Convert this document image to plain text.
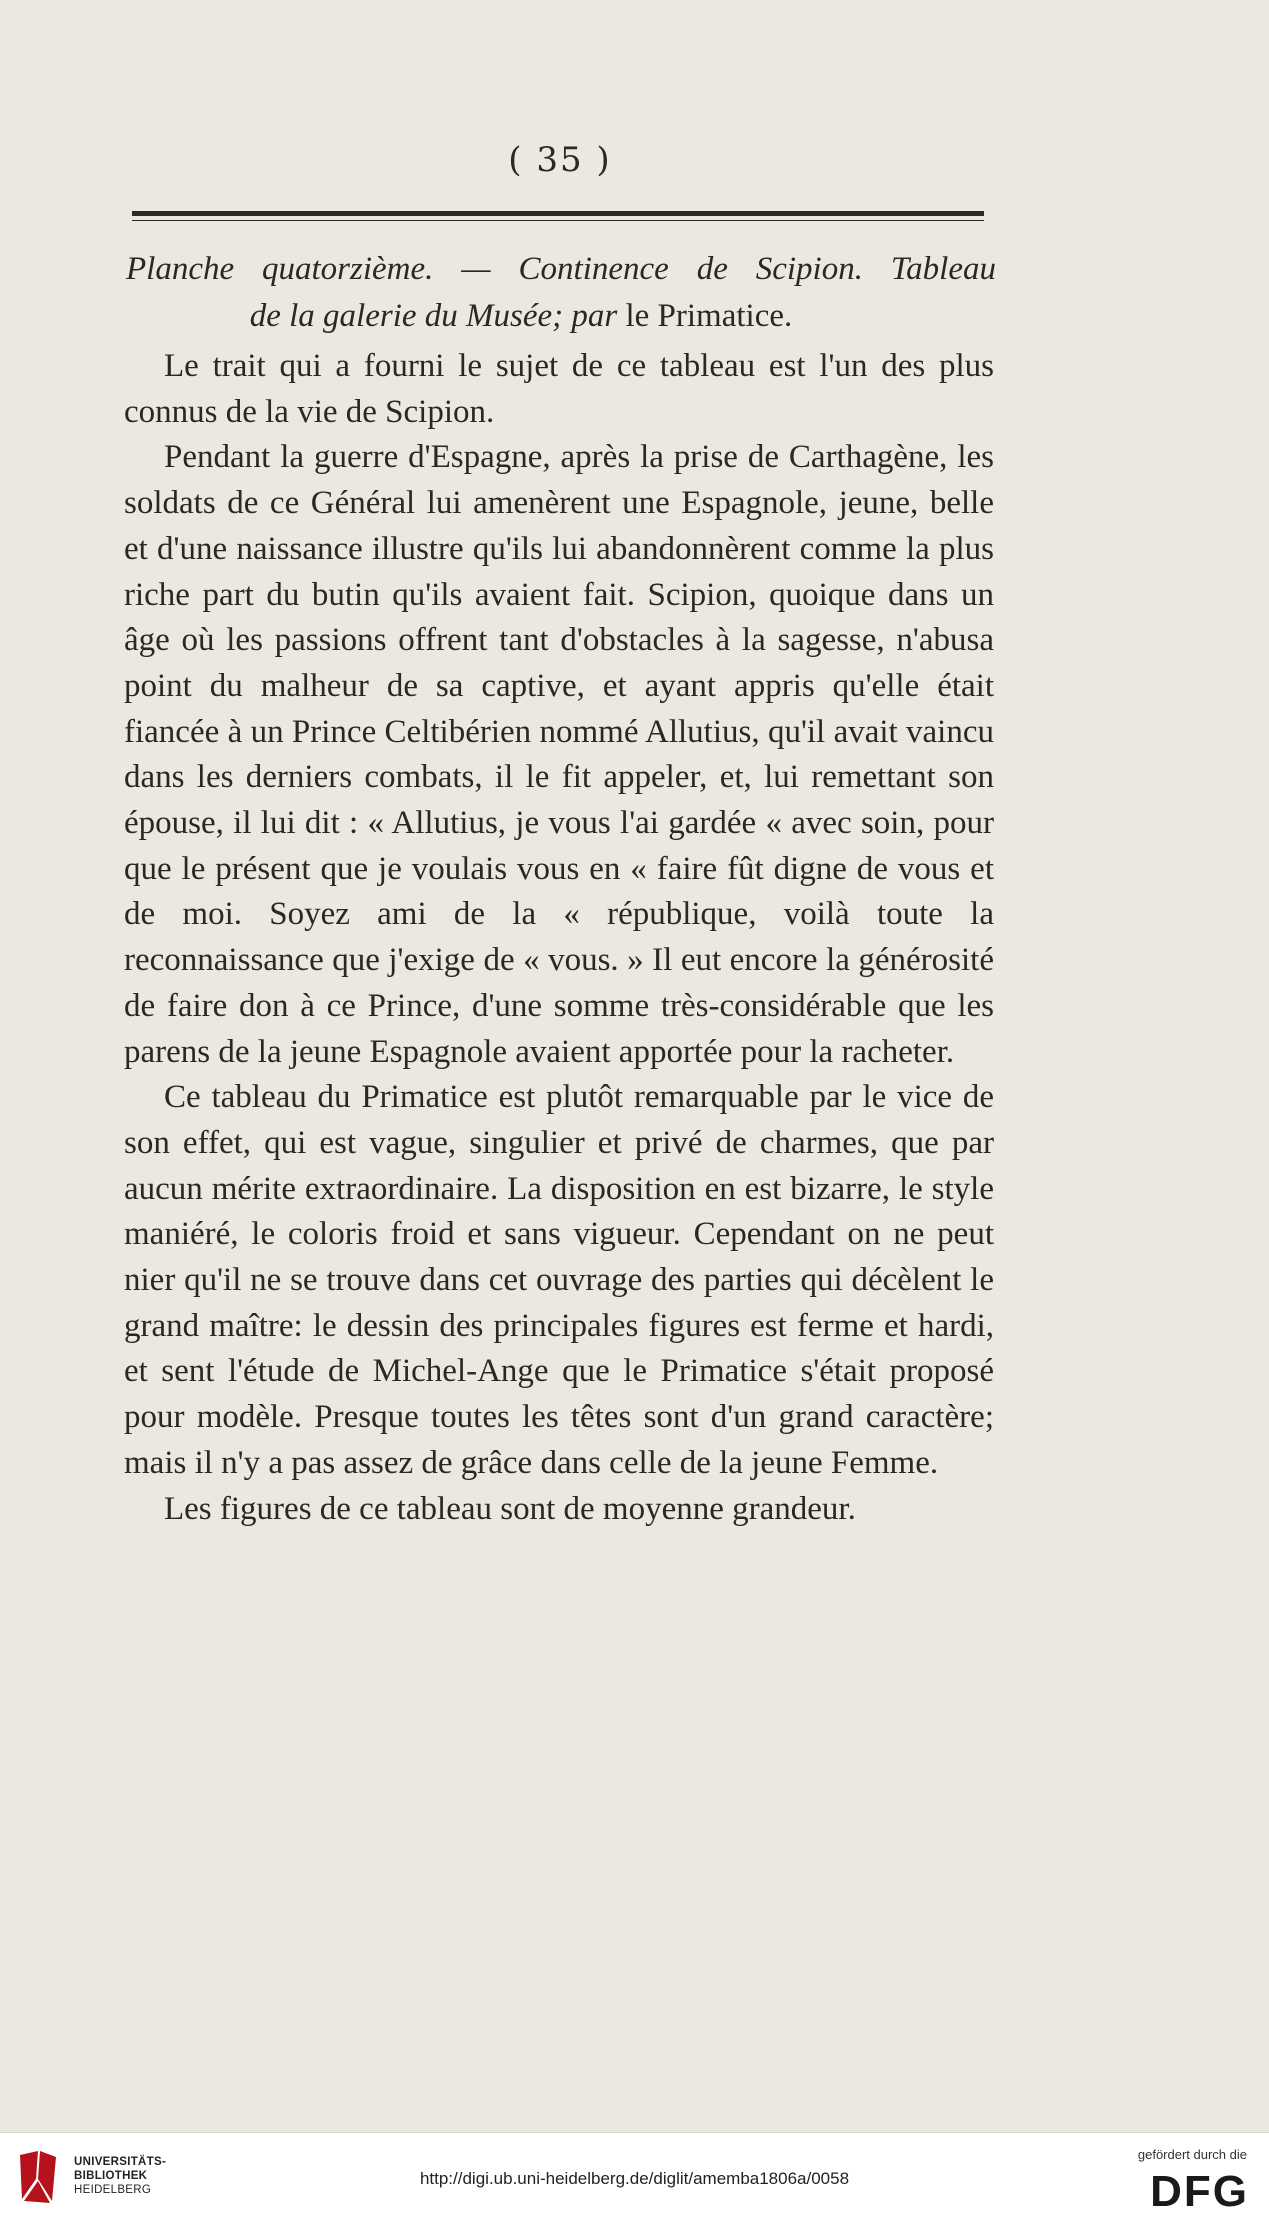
( 35 )
Planche quatorzième. — Continence de Scipion. Tableau
de la galerie du Musée; par le Primatice.

Le trait qui a fourni le sujet de ce tableau est l'un des plus connus de la vie de Scipion.

Pendant la guerre d'Espagne, après la prise de Carthagène, les soldats de ce Général lui amenèrent une Espagnole, jeune, belle et d'une naissance illustre qu'ils lui abandonnèrent comme la plus riche part du butin qu'ils avaient fait. Scipion, quoique dans un âge où les passions offrent tant d'obstacles à la sagesse, n'abusa point du malheur de sa captive, et ayant appris qu'elle était fiancée à un Prince Celtibérien nommé Allutius, qu'il avait vaincu dans les derniers combats, il le fit appeler, et, lui remettant son épouse, il lui dit : « Allutius, je vous l'ai gardée « avec soin, pour que le présent que je voulais vous en « faire fût digne de vous et de moi. Soyez ami de la « république, voilà toute la reconnaissance que j'exige de « vous. » Il eut encore la générosité de faire don à ce Prince, d'une somme très-considérable que les parens de la jeune Espagnole avaient apportée pour la racheter.

Ce tableau du Primatice est plutôt remarquable par le vice de son effet, qui est vague, singulier et privé de charmes, que par aucun mérite extraordinaire. La disposition en est bizarre, le style maniéré, le coloris froid et sans vigueur. Cependant on ne peut nier qu'il ne se trouve dans cet ouvrage des parties qui décèlent le grand maître: le dessin des principales figures est ferme et hardi, et sent l'étude de Michel-Ange que le Primatice s'était proposé pour modèle. Presque toutes les têtes sont d'un grand caractère; mais il n'y a pas assez de grâce dans celle de la jeune Femme.

Les figures de ce tableau sont de moyenne grandeur.

UNIVERSITÄTS-
BIBLIOTHEK
HEIDELBERG
http://digi.ub.uni-heidelberg.de/diglit/amemba1806a/0058
gefördert durch die
DFG
